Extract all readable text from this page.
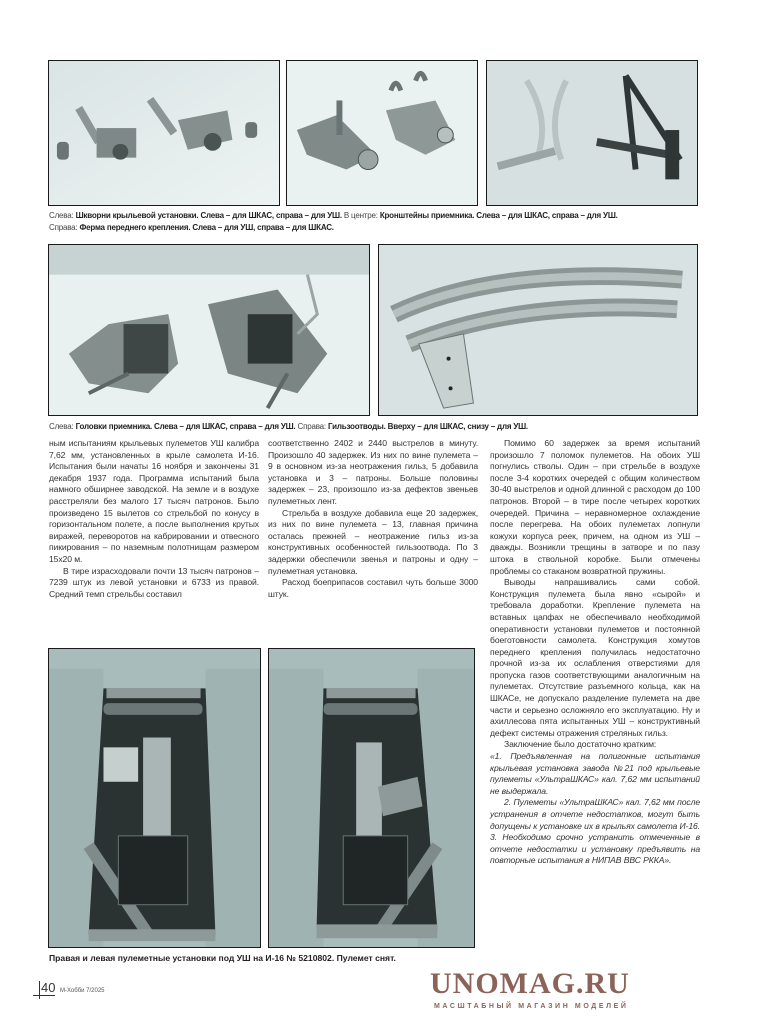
Слева: Шкворни крыльевой установки. Слева – для ШКАС, справа – для УШ. В центре: Кронштейны приемника. Слева – для ШКАС, справа – для УШ.
Справа: Ферма переднего крепления. Слева – для УШ, справа – для ШКАС.
Слева: Головки приемника. Слева – для ШКАС, справа – для УШ. Справа: Гильзоотводы. Вверху – для ШКАС, снизу – для УШ.

ным испытаниям крыльевых пулеметов УШ калибра 7,62 мм, установленных в крыле самолета И-16. Испытания были начаты 16 ноября и закончены 31 декабря 1937 года. Программа испытаний была намного обширнее заводской. На земле и в воздухе расстреляли без малого 17 тысяч патронов. Было произведено 15 вылетов со стрельбой по конусу в горизонтальном полете, а после выполнения крутых виражей, переворотов на кабрировании и отвесного пикирования – по наземным полотнищам размером 15х20 м.

В тире израсходовали почти 13 тысяч патронов – 7239 штук из левой установки и 6733 из правой. Средний темп стрельбы составил

соответственно 2402 и 2440 выстрелов в минуту. Произошло 40 задержек. Из них по вине пулемета – 9 в основном из-за неотражения гильз, 5 добавила установка и 3 – патроны. Больше половины задержек – 23, произошло из-за дефектов звеньев пулеметных лент.

Стрельба в воздухе добавила еще 20 задержек, из них по вине пулемета – 13, главная причина осталась прежней – неотражение гильз из-за конструктивных особенностей гильзоотвода. По 3 задержки обеспечили звенья и патроны и одну – пулеметная установка.

Расход боеприпасов составил чуть больше 3000 штук.

Помимо 60 задержек за время испытаний произошло 7 поломок пулеметов. На обоих УШ погнулись стволы. Один – при стрельбе в воздухе после 3-4 коротких очередей с общим количеством 30-40 выстрелов и одной длинной с расходом до 100 патронов. Второй – в тире после четырех коротких очередей. Причина – неравномерное охлаждение после перегрева. На обоих пулеметах лопнули кожухи корпуса реек, причем, на одном из УШ – дважды. Возникли трещины в затворе и по пазу штока в ствольной коробке. Были отмечены проблемы со стаканом возвратной пружины.

Выводы напрашивались сами собой. Конструкция пулемета была явно «сырой» и требовала доработки. Крепление пулемета на вставных цапфах не обеспечивало необходимой оперативности установки пулеметов и постоянной боеготовности самолета. Конструкция хомутов переднего крепления получилась недостаточно прочной из-за их ослабления отверстиями для пропуска газов соответствующими аналогичным на пулеметах. Отсутствие разъемного кольца, как на ШКАСе, не допускало разделение пулемета на две части и серьезно осложняло его эксплуатацию. Ну и ахиллесова пята испытанных УШ – конструктивный дефект системы отражения стреляных гильз.

Заключение было достаточно кратким:

«1. Предъявленная на полигонные испытания крыльевая установка завода №21 под крыльевые пулеметы «УльтраШКАС» кал. 7,62 мм испытаний не выдержала.

2. Пулеметы «УльтраШКАС» кал. 7,62 мм после устранения в отчете недостатков, могут быть допущены к установке их в крыльях самолета И-16. 3. Необходимо срочно устранить отмеченные в отчете недостатки и установку предъявить на повторные испытания в НИПАВ ВВС РККА».

Правая и левая пулеметные установки под УШ на И-16 № 5210802. Пулемет снят.
40 М-Хобби 7/2025	UNOMAG.RU
МАСШТАБНЫЙ МАГАЗИН МОДЕЛЕЙ
